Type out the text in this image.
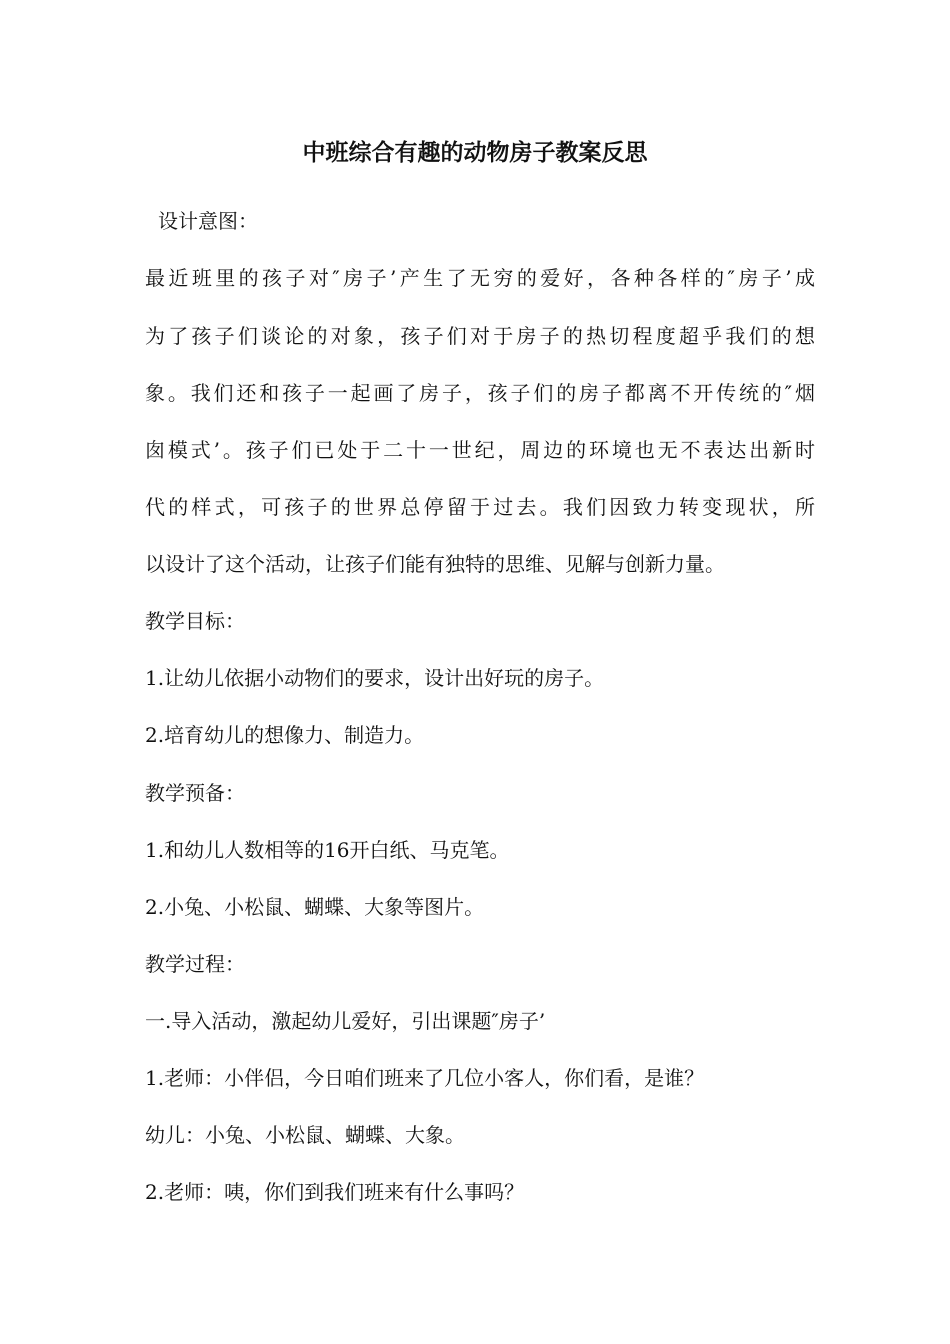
中班综合有趣的动物房子教案反思
设计意图：
最近班里的孩子对″房子’产生了无穷的爱好，各种各样的″房子’成
为了孩子们谈论的对象，孩子们对于房子的热切程度超乎我们的想
象。我们还和孩子一起画了房子，孩子们的房子都离不开传统的″烟
囱模式’。孩子们已处于二十一世纪，周边的环境也无不表达出新时
代的样式，可孩子的世界总停留于过去。我们因致力转变现状，所
以设计了这个活动，让孩子们能有独特的思维、见解与创新力量。
教学目标：
1.让幼儿依据小动物们的要求，设计出好玩的房子。
2.培育幼儿的想像力、制造力。
教学预备：
1.和幼儿人数相等的16开白纸、马克笔。
2.小兔、小松鼠、蝴蝶、大象等图片。
教学过程：
一.导入活动，激起幼儿爱好，引出课题″房子’
1.老师：小伴侣，今日咱们班来了几位小客人，你们看，是谁？
幼儿：小兔、小松鼠、蝴蝶、大象。
2.老师：咦，你们到我们班来有什么事吗？
